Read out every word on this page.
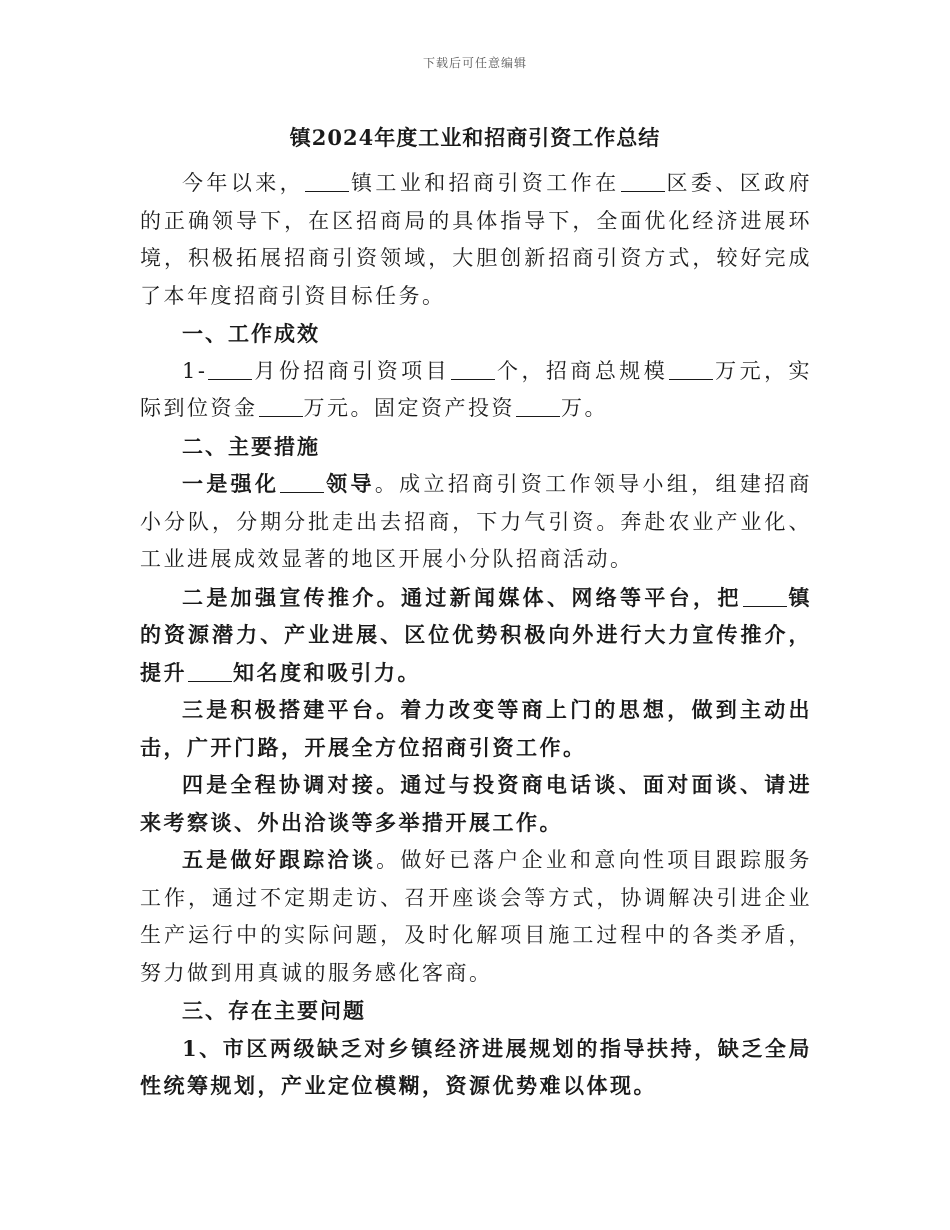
下载后可任意编辑
镇2024年度工业和招商引资工作总结

今年以来， 镇工业和招商引资工作在 区委、区政府的正确领导下，在区招商局的具体指导下，全面优化经济进展环境，积极拓展招商引资领域，大胆创新招商引资方式，较好完成了本年度招商引资目标任务。

一、工作成效

1- 月份招商引资项目 个，招商总规模 万元，实际到位资金 万元。固定资产投资 万。

二、主要措施

一是强化 领导。成立招商引资工作领导小组，组建招商小分队，分期分批走出去招商，下力气引资。奔赴农业产业化、工业进展成效显著的地区开展小分队招商活动。

二是加强宣传推介。通过新闻媒体、网络等平台，把 镇的资源潜力、产业进展、区位优势积极向外进行大力宣传推介，提升 知名度和吸引力。

三是积极搭建平台。着力改变等商上门的思想，做到主动出击，广开门路，开展全方位招商引资工作。

四是全程协调对接。通过与投资商电话谈、面对面谈、请进来考察谈、外出洽谈等多举措开展工作。

五是做好跟踪洽谈。做好已落户企业和意向性项目跟踪服务工作，通过不定期走访、召开座谈会等方式，协调解决引进企业生产运行中的实际问题，及时化解项目施工过程中的各类矛盾，努力做到用真诚的服务感化客商。

三、存在主要问题

1、市区两级缺乏对乡镇经济进展规划的指导扶持，缺乏全局性统筹规划，产业定位模糊，资源优势难以体现。
